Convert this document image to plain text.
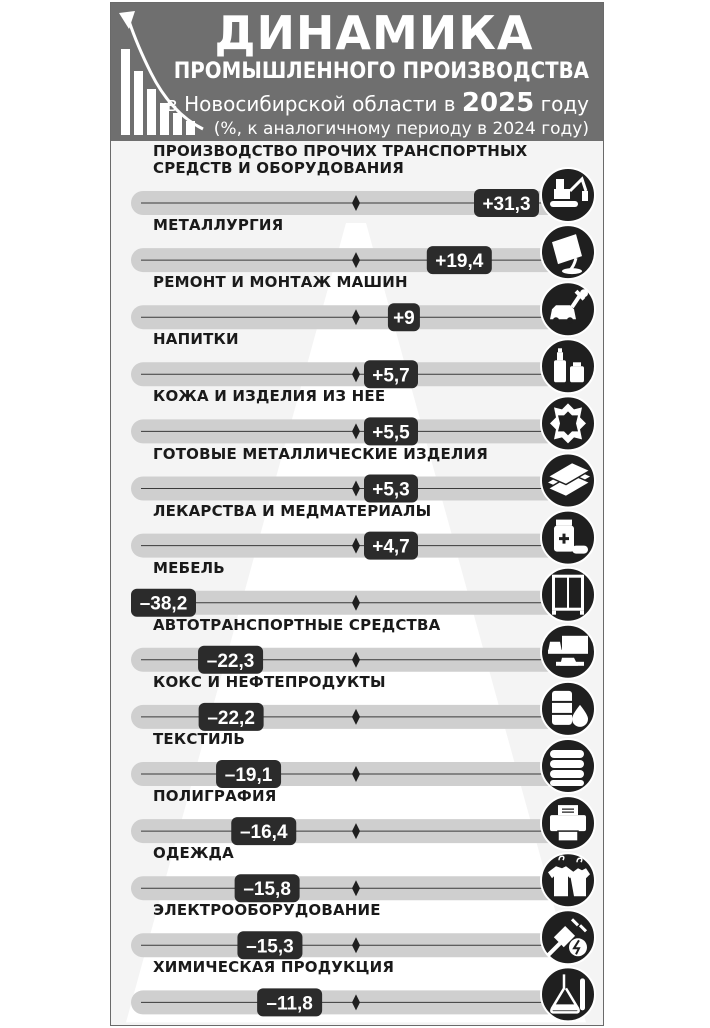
ДИНАМИКА
ПРОМЫШЛЕННОГО ПРОИЗВОДСТВА
в Новосибирской области в 2025 году
(%, к аналогичному периоду в 2024 году)
+31,3
+19,4
+9
+5,7
+5,5
+5,3
+4,7
–38,2
–22,3
–22,2
–19,1
–16,4
–15,8
–15,3
–11,8
ПРОИЗВОДСТВО ПРОЧИХ ТРАНСПОРТНЫХ
СРЕДСТВ И ОБОРУДОВАНИЯ
МЕТАЛЛУРГИЯ
РЕМОНТ И МОНТАЖ МАШИН
НАПИТКИ
КОЖА И ИЗДЕЛИЯ ИЗ НЕЕ
ГОТОВЫЕ МЕТАЛЛИЧЕСКИЕ ИЗДЕЛИЯ
ЛЕКАРСТВА И МЕДМАТЕРИАЛЫ
МЕБЕЛЬ
АВТОТРАНСПОРТНЫЕ СРЕДСТВА
КОКС И НЕФТЕПРОДУКТЫ
ТЕКСТИЛЬ
ПОЛИГРАФИЯ
ОДЕЖДА
ЭЛЕКТРООБОРУДОВАНИЕ
ХИМИЧЕСКАЯ ПРОДУКЦИЯ
